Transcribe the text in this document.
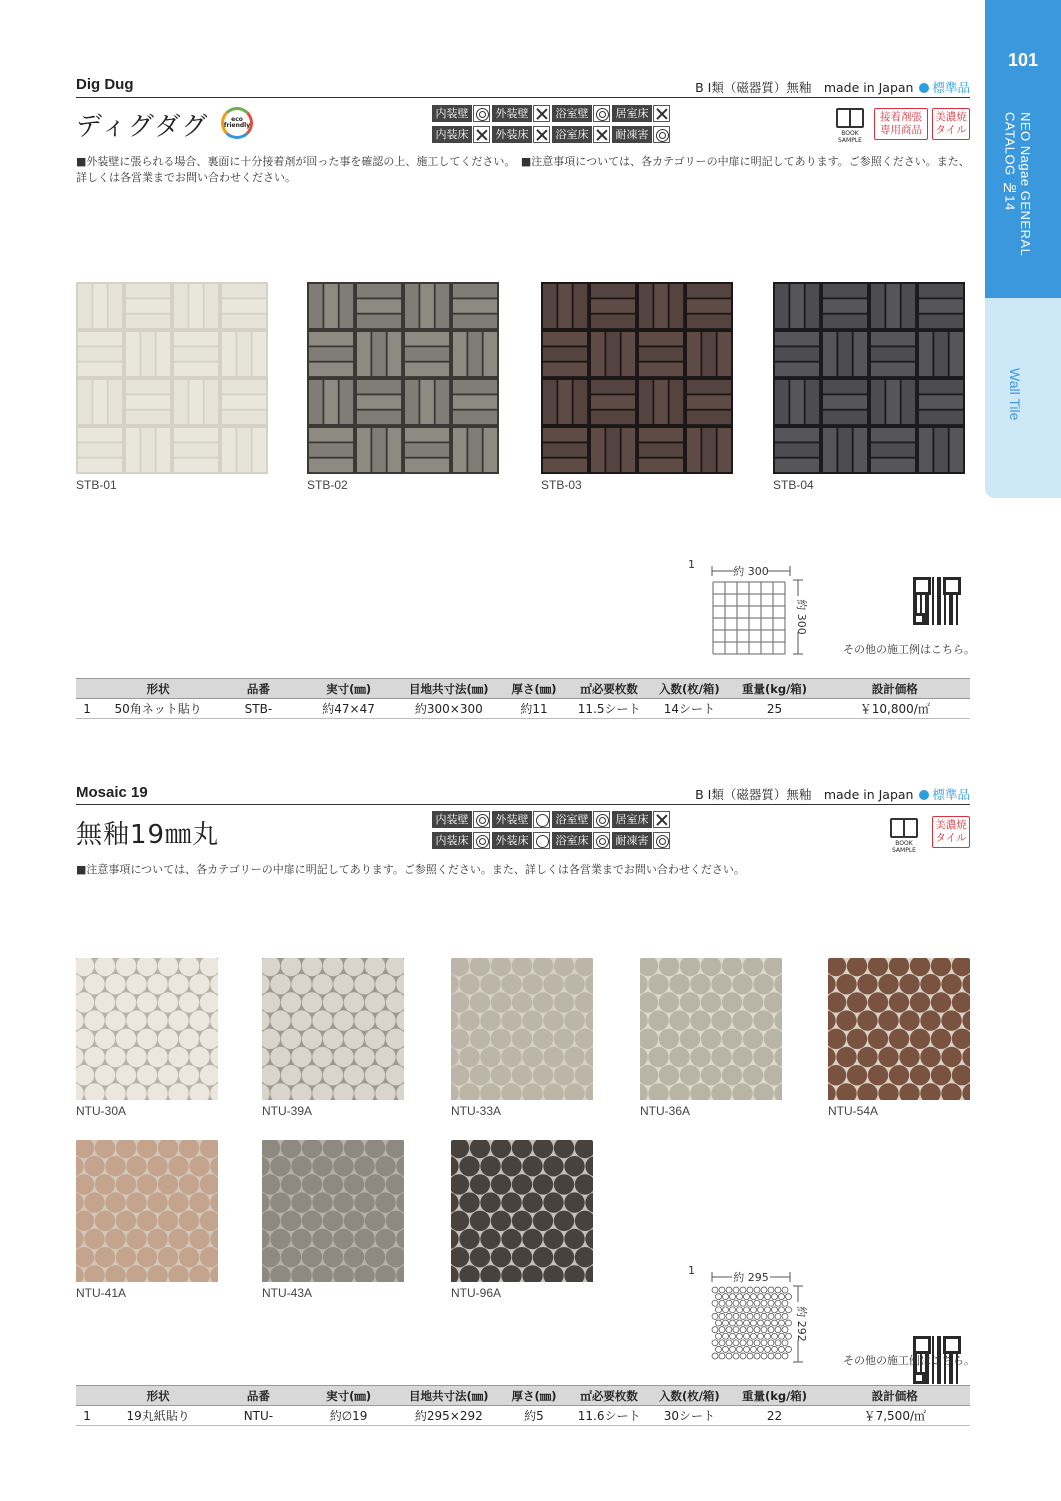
101
NEO Nagae GENERAL CATALOG №14
Wall Tile
Dig Dug	B Ⅰ類（磁器質）無釉　made in Japan 標準品
ディグダグ	eco friendly
内装壁	外装壁	浴室壁	居室床
内装床	外装床	浴室床	耐凍害	BOOK SAMPLE
接着剤張
専用商品
美濃焼
タイル
■外装壁に張られる場合、裏面に十分接着剤が回った事を確認の上、施工してください。　■注意事項については、各カテゴリーの中扉に明記してあります。ご参照ください。また、詳しくは各営業までお問い合わせください。
STB-01	STB-02	STB-03	STB-04
1
約 300
約 300
その他の施工例はこちら。
	形状	品番	実寸(㎜)	目地共寸法(㎜)	厚さ(㎜)	㎡必要枚数	入数(枚/箱)	重量(kg/箱)	設計価格
1	50角ネット貼り	STB-	約47×47	約300×300	約11	11.5シート	14シート	25	￥10,800/㎡
Mosaic 19	B Ⅰ類（磁器質）無釉　made in Japan 標準品
無釉19㎜丸
内装壁	外装壁	浴室壁	居室床
内装床	外装床	浴室床	耐凍害	BOOK SAMPLE
美濃焼
タイル
■注意事項については、各カテゴリーの中扉に明記してあります。ご参照ください。また、詳しくは各営業までお問い合わせください。
NTU-30A	NTU-39A	NTU-33A	NTU-36A	NTU-54A
NTU-41A	NTU-43A	NTU-96A
1
約 295
約 292
その他の施工例はこちら。
	形状	品番	実寸(㎜)	目地共寸法(㎜)	厚さ(㎜)	㎡必要枚数	入数(枚/箱)	重量(kg/箱)	設計価格
1	19丸紙貼り	NTU-	約∅19	約295×292	約5	11.6シート	30シート	22	￥7,500/㎡
